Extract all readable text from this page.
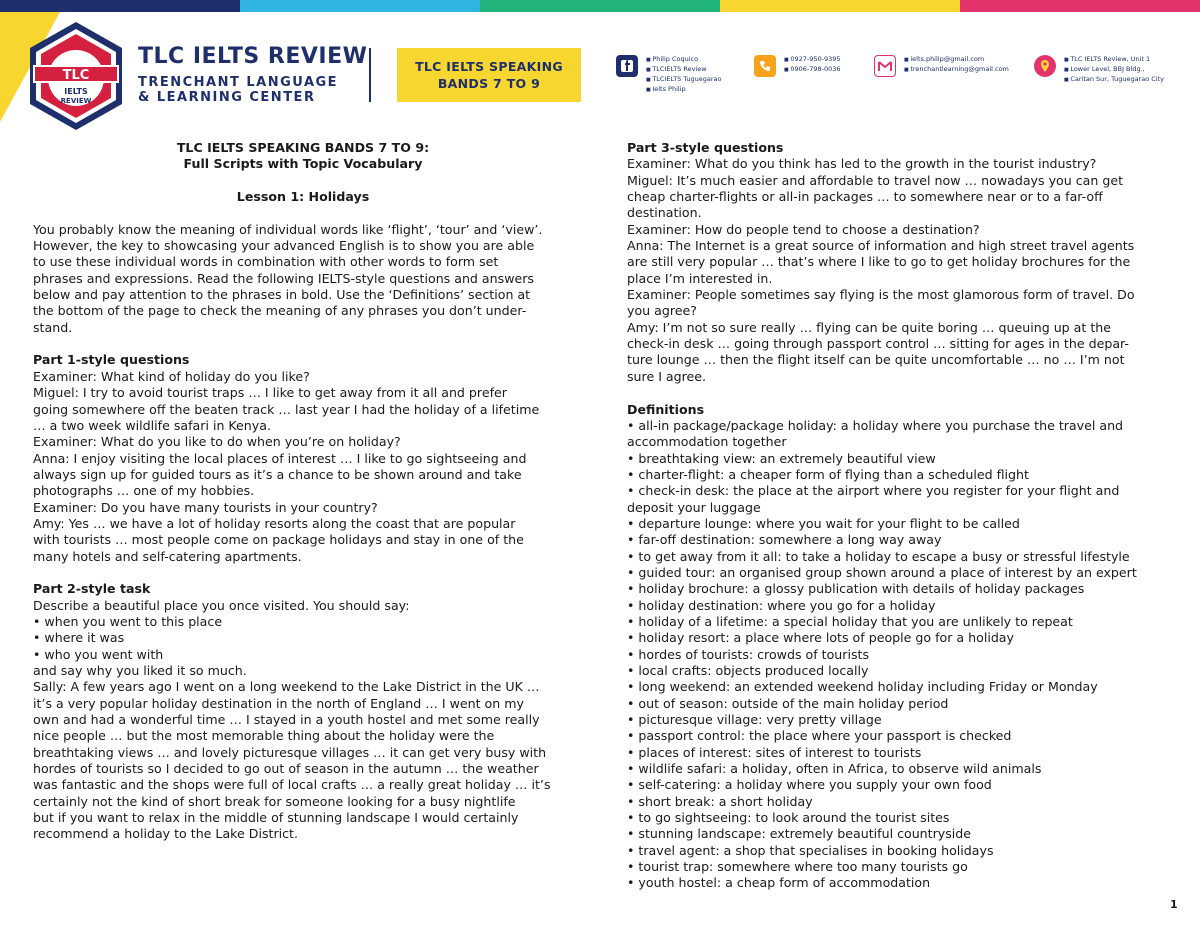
TLC
IELTS
REVIEW
TLC IELTS REVIEW
TRENCHANT LANGUAGE
& LEARNING CENTER
TLC IELTS SPEAKING
BANDS 7 TO 9
■ Philip Coquico
■ TLCIELTS Review
■ TLCIELTS Tuguegarao
■ Ielts Philip
■ 0927-950-9395
■ 0906-798-0036
■ ielts.philip@gmail.com
■ trenchantlearning@gmail.com
■ TLC IELTS Review, Unit 1
■ Lower Level, BBJ Bldg.,
■ Caritan Sur, Tuguegarao City

TLC IELTS SPEAKING BANDS 7 TO 9:

Full Scripts with Topic Vocabulary

Lesson 1: Holidays

You probably know the meaning of individual words like ‘flight’, ‘tour’ and ‘view’.

However, the key to showcasing your advanced English is to show you are able

to use these individual words in combination with other words to form set

phrases and expressions. Read the following IELTS-style questions and answers

below and pay attention to the phrases in bold. Use the ‘Definitions’ section at

the bottom of the page to check the meaning of any phrases you don’t under-

stand.

Part 1-style questions

Examiner: What kind of holiday do you like?

Miguel: I try to avoid tourist traps … I like to get away from it all and prefer

going somewhere off the beaten track … last year I had the holiday of a lifetime

… a two week wildlife safari in Kenya.

Examiner: What do you like to do when you’re on holiday?

Anna: I enjoy visiting the local places of interest … I like to go sightseeing and

always sign up for guided tours as it’s a chance to be shown around and take

photographs … one of my hobbies.

Examiner: Do you have many tourists in your country?

Amy: Yes … we have a lot of holiday resorts along the coast that are popular

with tourists … most people come on package holidays and stay in one of the

many hotels and self-catering apartments.

Part 2-style task

Describe a beautiful place you once visited. You should say:

• when you went to this place

• where it was

• who you went with

and say why you liked it so much.

Sally: A few years ago I went on a long weekend to the Lake District in the UK …

it’s a very popular holiday destination in the north of England … I went on my

own and had a wonderful time … I stayed in a youth hostel and met some really

nice people … but the most memorable thing about the holiday were the

breathtaking views … and lovely picturesque villages … it can get very busy with

hordes of tourists so I decided to go out of season in the autumn … the weather

was fantastic and the shops were full of local crafts … a really great holiday … it’s

certainly not the kind of short break for someone looking for a busy nightlife

but if you want to relax in the middle of stunning landscape I would certainly

recommend a holiday to the Lake District.

Part 3-style questions

Examiner: What do you think has led to the growth in the tourist industry?

Miguel: It’s much easier and affordable to travel now … nowadays you can get

cheap charter-flights or all-in packages … to somewhere near or to a far-off

destination.

Examiner: How do people tend to choose a destination?

Anna: The Internet is a great source of information and high street travel agents

are still very popular … that’s where I like to go to get holiday brochures for the

place I’m interested in.

Examiner: People sometimes say flying is the most glamorous form of travel. Do

you agree?

Amy: I’m not so sure really … flying can be quite boring … queuing up at the

check-in desk … going through passport control … sitting for ages in the depar-

ture lounge … then the flight itself can be quite uncomfortable … no … I’m not

sure I agree.

Definitions

• all-in package/package holiday: a holiday where you purchase the travel and

accommodation together

• breathtaking view: an extremely beautiful view

• charter-flight: a cheaper form of flying than a scheduled flight

• check-in desk: the place at the airport where you register for your flight and

deposit your luggage

• departure lounge: where you wait for your flight to be called

• far-off destination: somewhere a long way away

• to get away from it all: to take a holiday to escape a busy or stressful lifestyle

• guided tour: an organised group shown around a place of interest by an expert

• holiday brochure: a glossy publication with details of holiday packages

• holiday destination: where you go for a holiday

• holiday of a lifetime: a special holiday that you are unlikely to repeat

• holiday resort: a place where lots of people go for a holiday

• hordes of tourists: crowds of tourists

• local crafts: objects produced locally

• long weekend: an extended weekend holiday including Friday or Monday

• out of season: outside of the main holiday period

• picturesque village: very pretty village

• passport control: the place where your passport is checked

• places of interest: sites of interest to tourists

• wildlife safari: a holiday, often in Africa, to observe wild animals

• self-catering: a holiday where you supply your own food

• short break: a short holiday

• to go sightseeing: to look around the tourist sites

• stunning landscape: extremely beautiful countryside

• travel agent: a shop that specialises in booking holidays

• tourist trap: somewhere where too many tourists go

• youth hostel: a cheap form of accommodation

1
